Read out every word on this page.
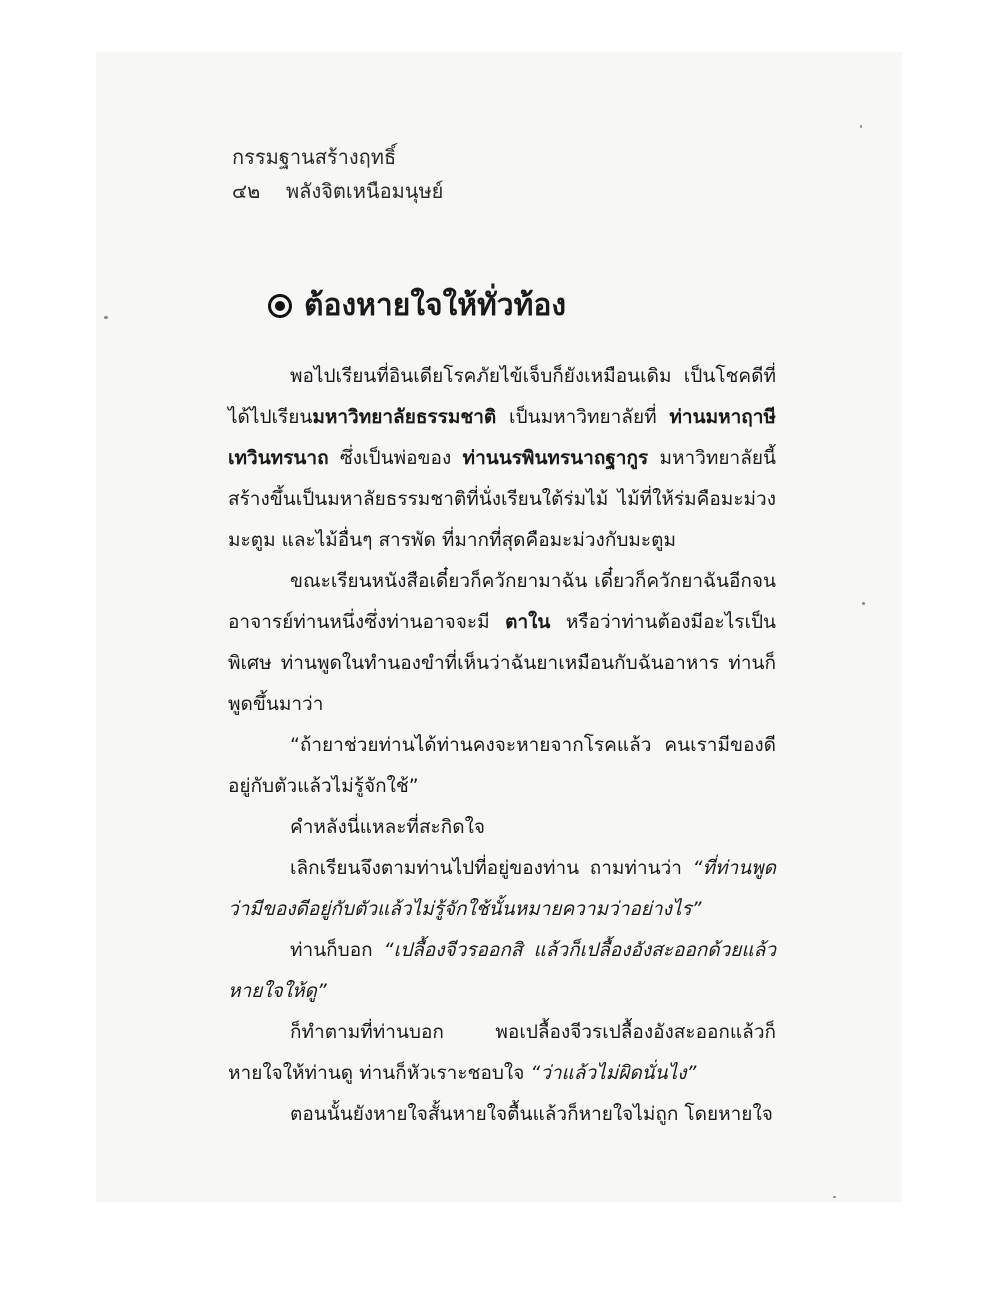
กรรมฐานสร้างฤทธิ์
๔๒ พลังจิตเหนือมนุษย์
ต้องหายใจให้ทั่วท้อง

พอไปเรียนที่อินเดียโรคภัยไข้เจ็บก็ยังเหมือนเดิม เป็นโชคดีที่ได้ไปเรียนมหาวิทยาลัยธรรมชาติ เป็นมหาวิทยาลัยที่ ท่านมหาฤาษีเทวินทรนาถ ซึ่งเป็นพ่อของ ท่านนรพินทรนาถฐากูร มหาวิทยาลัยนี้สร้างขึ้นเป็นมหาลัยธรรมชาติที่นั่งเรียนใต้ร่มไม้ ไม้ที่ให้ร่มคือมะม่วง มะตูม และไม้อื่นๆ สารพัด ที่มากที่สุดคือมะม่วงกับมะตูม

ขณะเรียนหนังสือเดี๋ยวก็ควักยามาฉัน เดี๋ยวก็ควักยาฉันอีกจน อาจารย์ท่านหนึ่งซึ่งท่านอาจจะมี ตาใน หรือว่าท่านต้องมีอะไรเป็นพิเศษ ท่านพูดในทำนองขำที่เห็นว่าฉันยาเหมือนกับฉันอาหาร ท่านก็พูดขึ้นมาว่า

“ถ้ายาช่วยท่านได้ท่านคงจะหายจากโรคแล้ว คนเรามีของดีอยู่กับตัวแล้วไม่รู้จักใช้”

คำหลังนี่แหละที่สะกิดใจ

เลิกเรียนจึงตามท่านไปที่อยู่ของท่าน ถามท่านว่า “ที่ท่านพูดว่ามีของดีอยู่กับตัวแล้วไม่รู้จักใช้นั้นหมายความว่าอย่างไร”

ท่านก็บอก “เปลื้องจีวรออกสิ แล้วก็เปลื้องอังสะออกด้วยแล้วหายใจให้ดู”

ก็ทำตามที่ท่านบอก พอเปลื้องจีวรเปลื้องอังสะออกแล้วก็หายใจให้ท่านดู ท่านก็หัวเราะชอบใจ “ว่าแล้วไม่ผิดนั่นไง”

ตอนนั้นยังหายใจสั้นหายใจตื้นแล้วก็หายใจไม่ถูก โดยหายใจ
